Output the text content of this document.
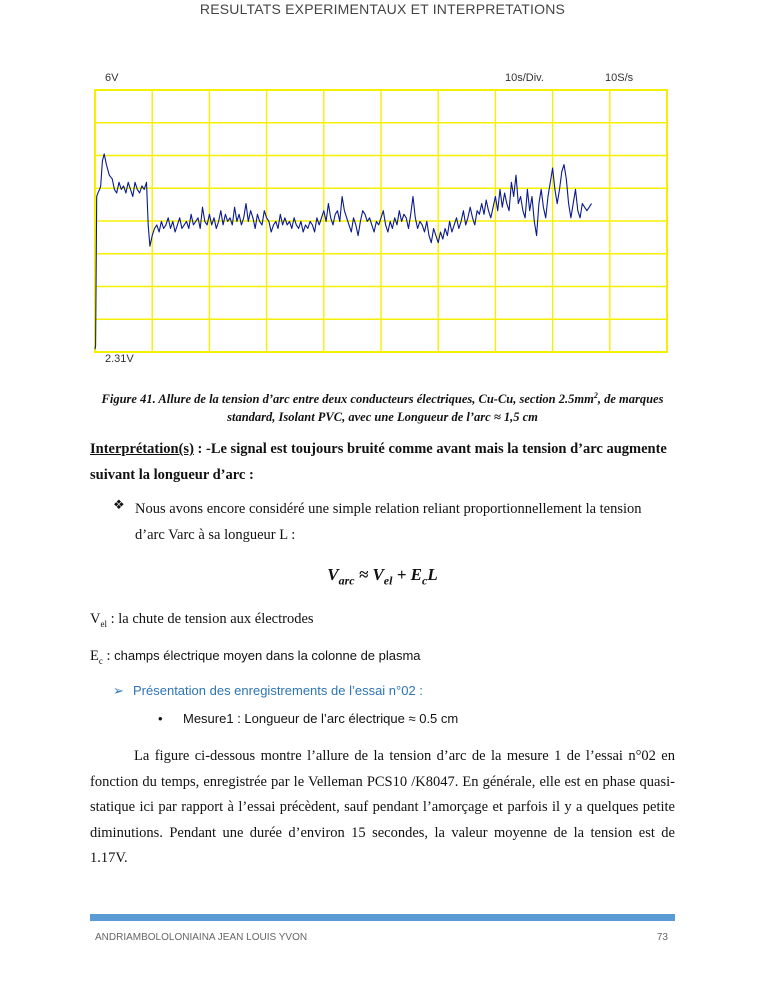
RESULTATS EXPERIMENTAUX ET INTERPRETATIONS
6V	10s/Div.	10S/s
2.31V
Figure 41. Allure de la tension d’arc entre deux conducteurs électriques, Cu-Cu, section $2.5mm^2$, de marques standard, Isolant PVC, avec une Longueur de l’arc ≈ 1,5 cm
Interprétation(s) : -Le signal est toujours bruité comme avant mais la tension d’arc augmente suivant la longueur d’arc :
❖ Nous avons encore considéré une simple relation reliant proportionnellement la tension d’arc Varc à sa longueur L :
$V_{arc} \approx V_{el} + E_cL$
$V_{el}$ : la chute de tension aux électrodes
$E_c$ : champs électrique moyen dans la colonne de plasma
➢ Présentation des enregistrements de l’essai n°02 :
• Mesure1 : Longueur de l’arc électrique ≈ 0.5 cm
La figure ci-dessous montre l’allure de la tension d’arc de la mesure 1 de l’essai n°02 en fonction du temps, enregistrée par le Velleman PCS10 /K8047. En générale, elle est en phase quasi-statique ici par rapport à l’essai précèdent, sauf pendant l’amorçage et parfois il y a quelques petite diminutions. Pendant une durée d’environ 15 secondes, la valeur moyenne de la tension est de 1.17V.
ANDRIAMBOLOLONIAINA JEAN LOUIS YVON	73
